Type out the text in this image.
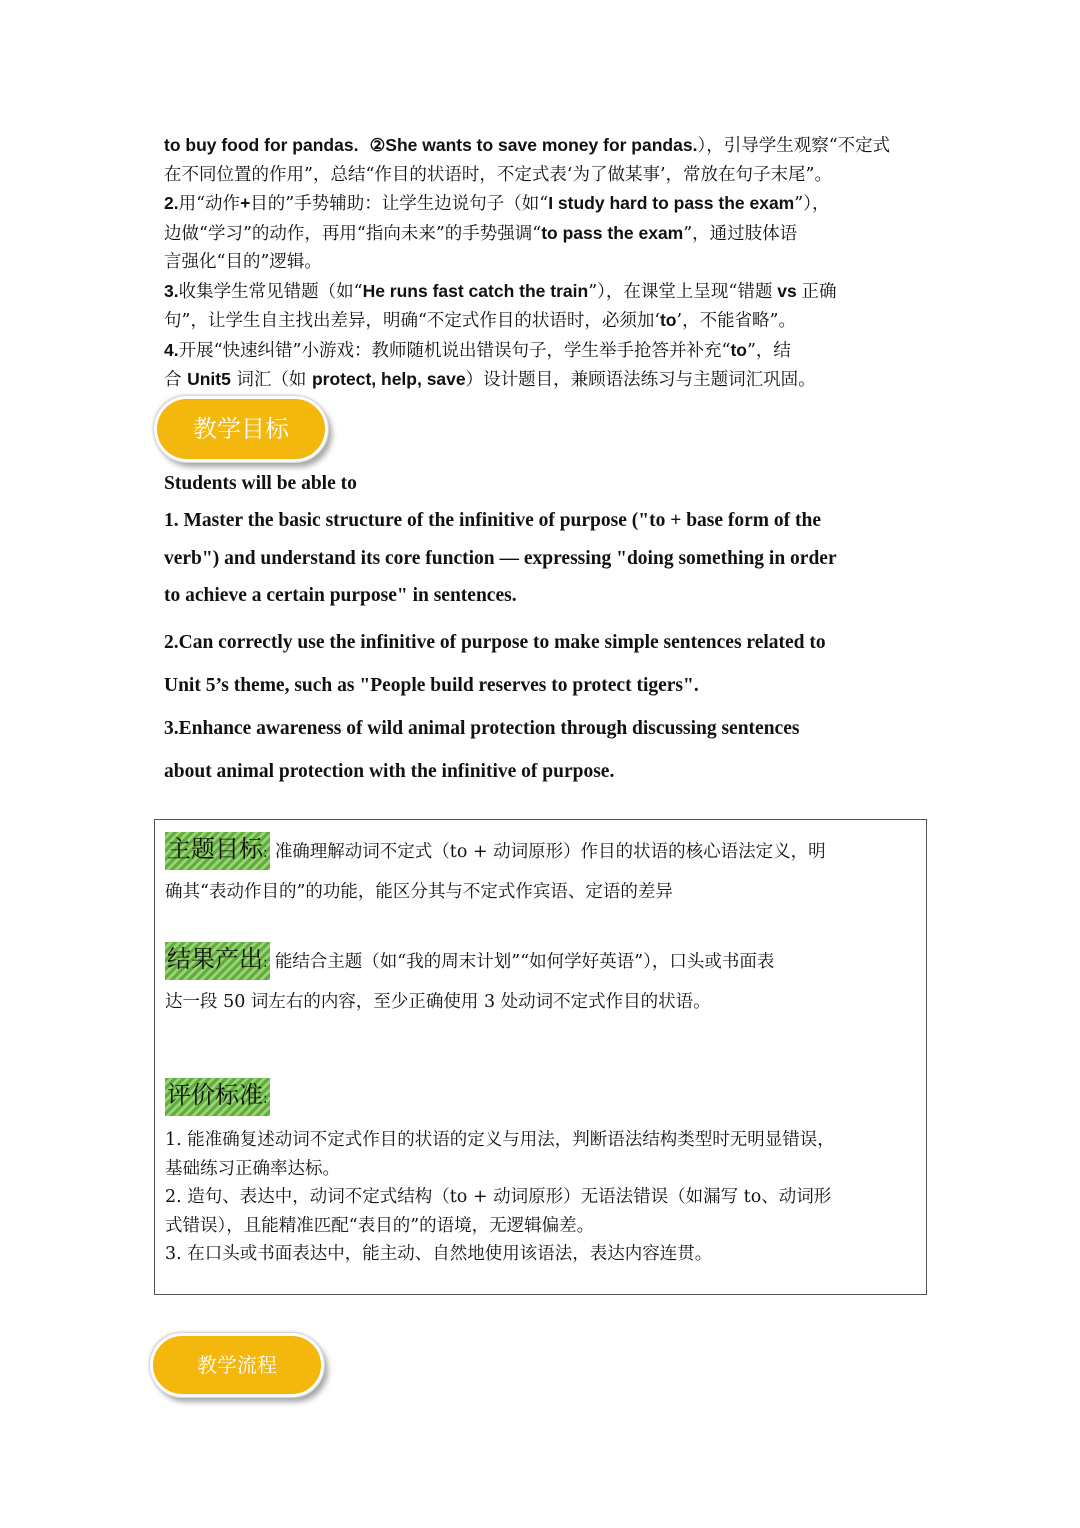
to buy food for pandas. ②She wants to save money for pandas.），引导学生观察“不定式

在不同位置的作用”，总结“作目的状语时，不定式表‘为了做某事’，常放在句子末尾”。

2.用“动作+目的”手势辅助：让学生边说句子（如“I study hard to pass the exam”），

边做“学习”的动作，再用“指向未来”的手势强调“to pass the exam”，通过肢体语

言强化“目的”逻辑。

3.收集学生常见错题（如“He runs fast catch the train”），在课堂上呈现“错题 vs 正确

句”，让学生自主找出差异，明确“不定式作目的状语时，必须加‘to’，不能省略”。

4.开展“快速纠错”小游戏：教师随机说出错误句子，学生举手抢答并补充“to”，结

合 Unit5 词汇（如 protect, help, save）设计题目，兼顾语法练习与主题词汇巩固。

教学目标

Students will be able to

1. Master the basic structure of the infinitive of purpose ("to + base form of the

verb") and understand its core function — expressing "doing something in order

to achieve a certain purpose" in sentences.

2.Can correctly use the infinitive of purpose to make simple sentences related to

Unit 5’s theme, such as "People build reserves to protect tigers".

3.Enhance awareness of wild animal protection through discussing sentences

about animal protection with the infinitive of purpose.

主题目标: 准确理解动词不定式（to + 动词原形）作目的状语的核心语法定义，明
确其“表动作目的”的功能，能区分其与不定式作宾语、定语的差异
结果产出: 能结合主题（如“我的周末计划”“如何学好英语”），口头或书面表
达一段 50 词左右的内容，至少正确使用 3 处动词不定式作目的状语。
评价标准:

1. 能准确复述动词不定式作目的状语的定义与用法，判断语法结构类型时无明显错误，

基础练习正确率达标。

2. 造句、表达中，动词不定式结构（to + 动词原形）无语法错误（如漏写 to、动词形

式错误），且能精准匹配“表目的”的语境，无逻辑偏差。

3. 在口头或书面表达中，能主动、自然地使用该语法，表达内容连贯。

教学流程
